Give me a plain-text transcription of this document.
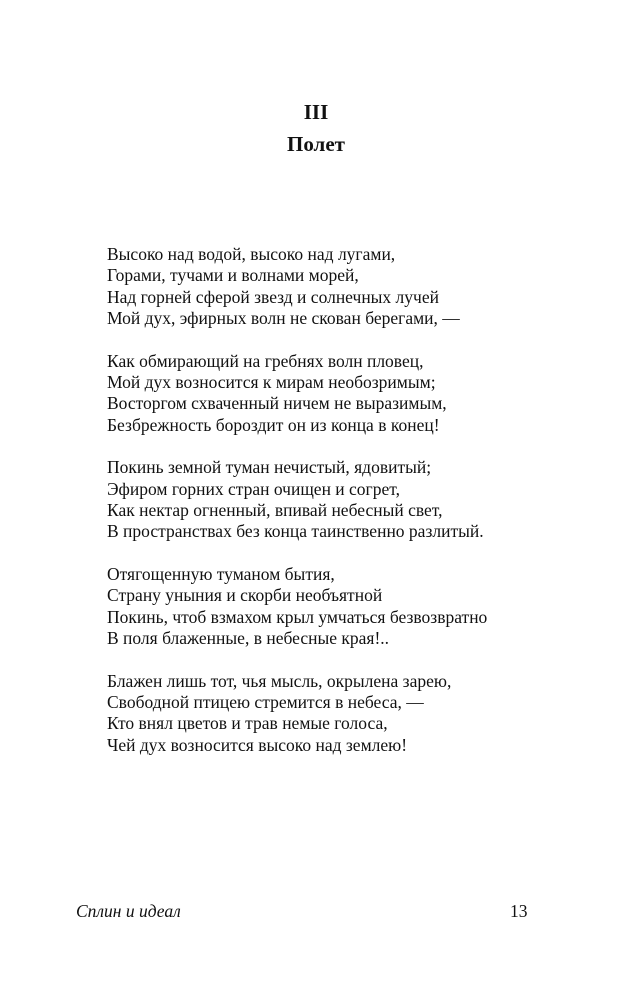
III
Полет
Высоко над водой, высоко над лугами,
Горами, тучами и волнами морей,
Над горней сферой звезд и солнечных лучей
Мой дух, эфирных волн не скован берегами, —
Как обмирающий на гребнях волн пловец,
Мой дух возносится к мирам необозримым;
Восторгом схваченный ничем не выразимым,
Безбрежность бороздит он из конца в конец!
Покинь земной туман нечистый, ядовитый;
Эфиром горних стран очищен и согрет,
Как нектар огненный, впивай небесный свет,
В пространствах без конца таинственно разлитый.
Отягощенную туманом бытия,
Страну уныния и скорби необъятной
Покинь, чтоб взмахом крыл умчаться безвозвратно
В поля блаженные, в небесные края!..
Блажен лишь тот, чья мысль, окрылена зарею,
Свободной птицею стремится в небеса, —
Кто внял цветов и трав немые голоса,
Чей дух возносится высоко над землею!
Сплин и идеал	13
